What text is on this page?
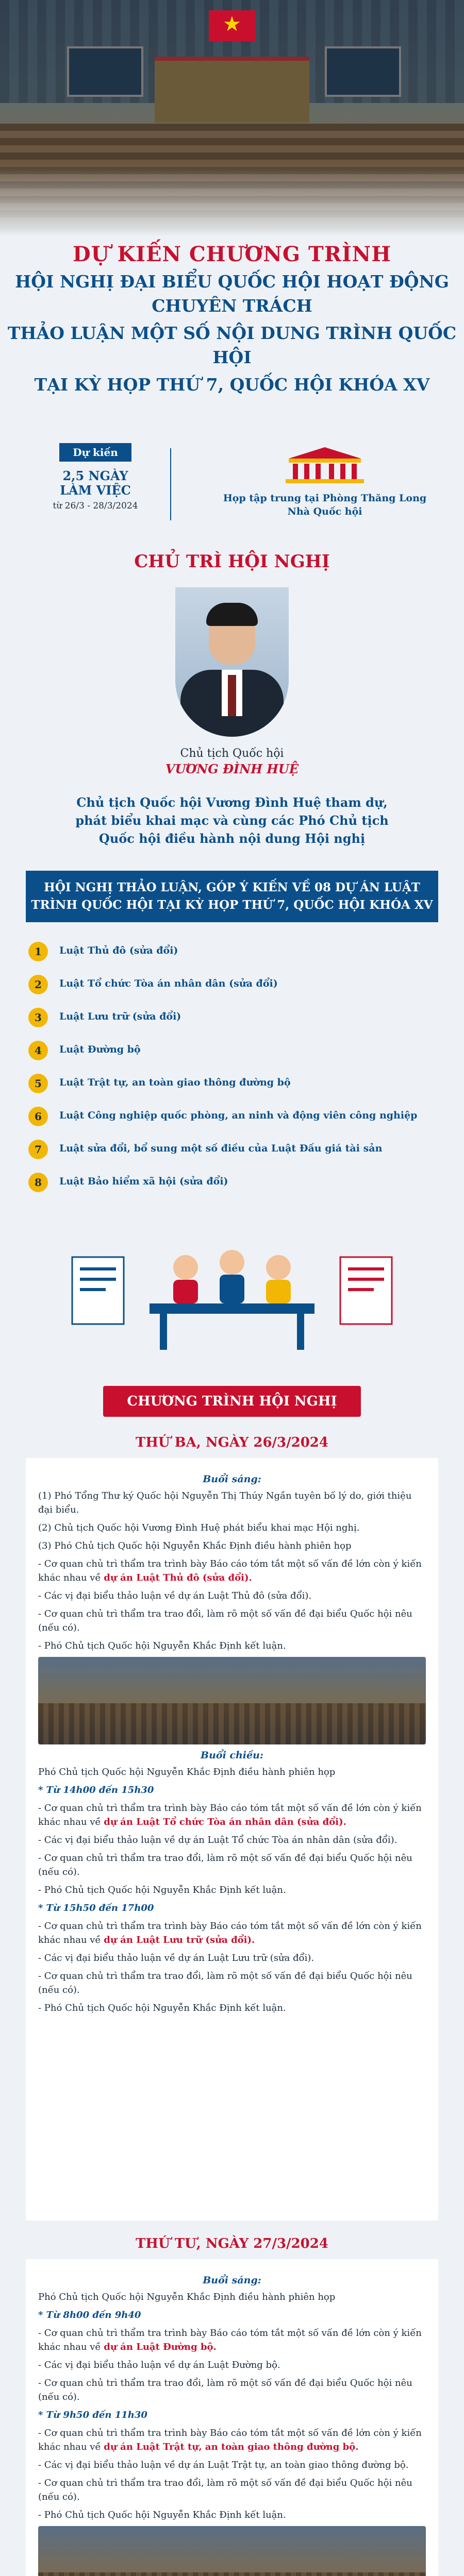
★
DỰ KIẾN CHƯƠNG TRÌNH
HỘI NGHỊ ĐẠI BIỂU QUỐC HỘI HOẠT ĐỘNG CHUYÊN TRÁCH
THẢO LUẬN MỘT SỐ NỘI DUNG TRÌNH QUỐC HỘI
TẠI KỲ HỌP THỨ 7, QUỐC HỘI KHÓA XV
Dự kiến
2,5 NGÀY
LÀM VIỆC
từ 26/3 - 28/3/2024
Họp tập trung tại Phòng Thăng Long
Nhà Quốc hội
CHỦ TRÌ HỘI NGHỊ
Chủ tịch Quốc hội
VƯƠNG ĐÌNH HUỆ
Chủ tịch Quốc hội Vương Đình Huệ tham dự,
phát biểu khai mạc và cùng các Phó Chủ tịch
Quốc hội điều hành nội dung Hội nghị
HỘI NGHỊ THẢO LUẬN, GÓP Ý KIẾN VỀ 08 DỰ ÁN LUẬT
TRÌNH QUỐC HỘI TẠI KỲ HỌP THỨ 7, QUỐC HỘI KHÓA XV
1	Luật Thủ đô (sửa đổi)
2	Luật Tổ chức Tòa án nhân dân (sửa đổi)
3	Luật Lưu trữ (sửa đổi)
4	Luật Đường bộ
5	Luật Trật tự, an toàn giao thông đường bộ
6	Luật Công nghiệp quốc phòng, an ninh và động viên công nghiệp
7	Luật sửa đổi, bổ sung một số điều của Luật Đấu giá tài sản
8	Luật Bảo hiểm xã hội (sửa đổi)
CHƯƠNG TRÌNH HỘI NGHỊ
THỨ BA, NGÀY 26/3/2024
Buổi sáng:

(1) Phó Tổng Thư ký Quốc hội Nguyễn Thị Thúy Ngần tuyên bố lý do, giới thiệu đại biểu.

(2) Chủ tịch Quốc hội Vương Đình Huệ phát biểu khai mạc Hội nghị.

(3) Phó Chủ tịch Quốc hội Nguyễn Khắc Định điều hành phiên họp

- Cơ quan chủ trì thẩm tra trình bày Báo cáo tóm tắt một số vấn đề lớn còn ý kiến khác nhau về dự án Luật Thủ đô (sửa đổi).

- Các vị đại biểu thảo luận về dự án Luật Thủ đô (sửa đổi).

- Cơ quan chủ trì thẩm tra trao đổi, làm rõ một số vấn đề đại biểu Quốc hội nêu (nếu có).

- Phó Chủ tịch Quốc hội Nguyễn Khắc Định kết luận.

Buổi chiều:

Phó Chủ tịch Quốc hội Nguyễn Khắc Định điều hành phiên họp

* Từ 14h00 đến 15h30

- Cơ quan chủ trì thẩm tra trình bày Báo cáo tóm tắt một số vấn đề lớn còn ý kiến khác nhau về dự án Luật Tổ chức Tòa án nhân dân (sửa đổi).

- Các vị đại biểu thảo luận về dự án Luật Tổ chức Tòa án nhân dân (sửa đổi).

- Cơ quan chủ trì thẩm tra trao đổi, làm rõ một số vấn đề đại biểu Quốc hội nêu (nếu có).

- Phó Chủ tịch Quốc hội Nguyễn Khắc Định kết luận.

* Từ 15h50 đến 17h00

- Cơ quan chủ trì thẩm tra trình bày Báo cáo tóm tắt một số vấn đề lớn còn ý kiến khác nhau về dự án Luật Lưu trữ (sửa đổi).

- Các vị đại biểu thảo luận về dự án Luật Lưu trữ (sửa đổi).

- Cơ quan chủ trì thẩm tra trao đổi, làm rõ một số vấn đề đại biểu Quốc hội nêu (nếu có).

- Phó Chủ tịch Quốc hội Nguyễn Khắc Định kết luận.

THỨ TƯ, NGÀY 27/3/2024
Buổi sáng:

Phó Chủ tịch Quốc hội Nguyễn Khắc Định điều hành phiên họp

* Từ 8h00 đến 9h40

- Cơ quan chủ trì thẩm tra trình bày Báo cáo tóm tắt một số vấn đề lớn còn ý kiến khác nhau về dự án Luật Đường bộ.

- Các vị đại biểu thảo luận về dự án Luật Đường bộ.

- Cơ quan chủ trì thẩm tra trao đổi, làm rõ một số vấn đề đại biểu Quốc hội nêu (nếu có).

* Từ 9h50 đến 11h30

- Cơ quan chủ trì thẩm tra trình bày Báo cáo tóm tắt một số vấn đề lớn còn ý kiến khác nhau về dự án Luật Trật tự, an toàn giao thông đường bộ.

- Các vị đại biểu thảo luận về dự án Luật Trật tự, an toàn giao thông đường bộ.

- Cơ quan chủ trì thẩm tra trao đổi, làm rõ một số vấn đề đại biểu Quốc hội nêu (nếu có).

- Phó Chủ tịch Quốc hội Nguyễn Khắc Định kết luận.
